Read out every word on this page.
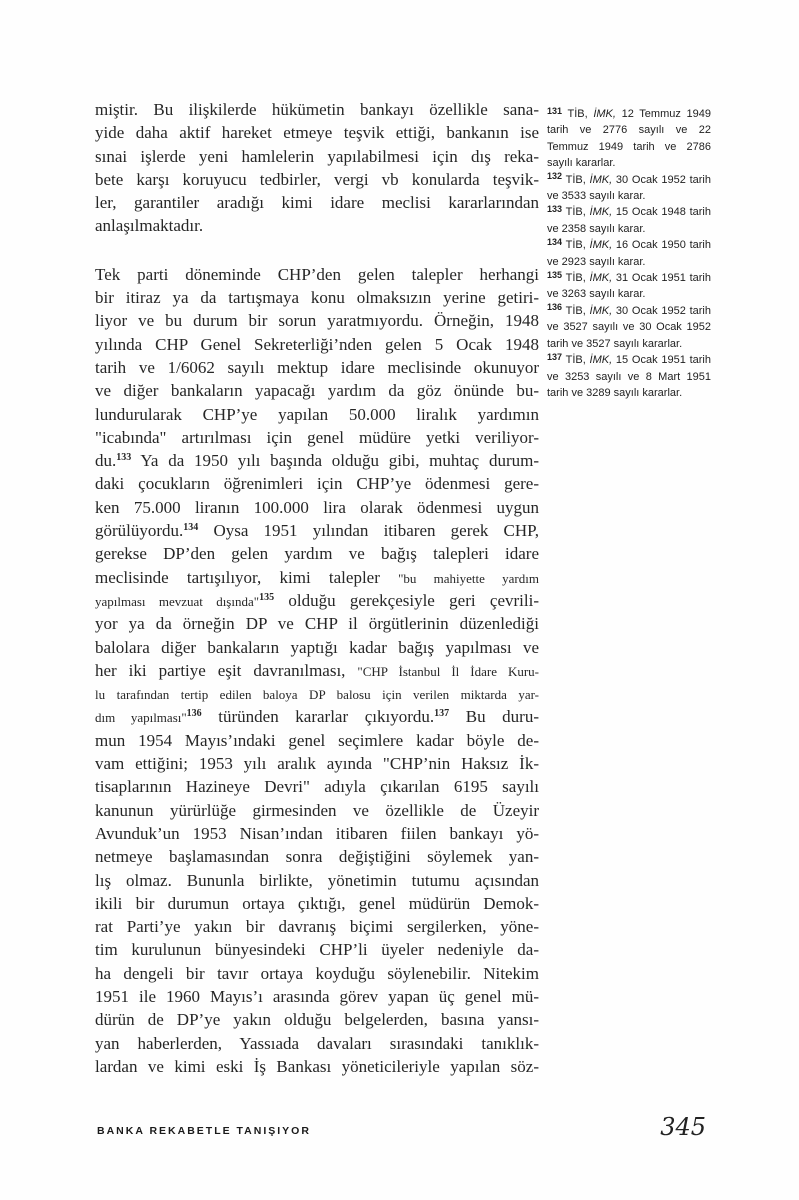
miştir. Bu ilişkilerde hükümetin bankayı özellikle sana-
yide daha aktif hareket etmeye teşvik ettiği, bankanın ise
sınai işlerde yeni hamlelerin yapılabilmesi için dış reka-
bete karşı koruyucu tedbirler, vergi vb konularda teşvik-
ler, garantiler aradığı kimi idare meclisi kararlarından
anlaşılmaktadır.
Tek parti döneminde CHP’den gelen talepler herhangi
bir itiraz ya da tartışmaya konu olmaksızın yerine getiri-
liyor ve bu durum bir sorun yaratmıyordu. Örneğin, 1948
yılında CHP Genel Sekreterliği’nden gelen 5 Ocak 1948
tarih ve 1/6062 sayılı mektup idare meclisinde okunuyor
ve diğer bankaların yapacağı yardım da göz önünde bu-
lundurularak CHP’ye yapılan 50.000 liralık yardımın
"icabında" artırılması için genel müdüre yetki veriliyor-
du.$^{133}$ Ya da 1950 yılı başında olduğu gibi, muhtaç durum-
daki çocukların öğrenimleri için CHP’ye ödenmesi gere-
ken 75.000 liranın 100.000 lira olarak ödenmesi uygun
görülüyordu.$^{134}$ Oysa 1951 yılından itibaren gerek CHP,
gerekse DP’den gelen yardım ve bağış talepleri idare
meclisinde tartışılıyor, kimi talepler "bu mahiyette yardım
yapılması mevzuat dışında"$^{135}$ olduğu gerekçesiyle geri çevrili-
yor ya da örneğin DP ve CHP il örgütlerinin düzenlediği
balolara diğer bankaların yaptığı kadar bağış yapılması ve
her iki partiye eşit davranılması, "CHP İstanbul İl İdare Kuru-
lu tarafından tertip edilen baloya DP balosu için verilen miktarda yar-
dım yapılması"$^{136}$ türünden kararlar çıkıyordu.$^{137}$ Bu duru-
mun 1954 Mayıs’ındaki genel seçimlere kadar böyle de-
vam ettiğini; 1953 yılı aralık ayında "CHP’nin Haksız İk-
tisaplarının Hazineye Devri" adıyla çıkarılan 6195 sayılı
kanunun yürürlüğe girmesinden ve özellikle de Üzeyir
Avunduk’un 1953 Nisan’ından itibaren fiilen bankayı yö-
netmeye başlamasından sonra değiştiğini söylemek yan-
lış olmaz. Bununla birlikte, yönetimin tutumu açısından
ikili bir durumun ortaya çıktığı, genel müdürün Demok-
rat Parti’ye yakın bir davranış biçimi sergilerken, yöne-
tim kurulunun bünyesindeki CHP’li üyeler nedeniyle da-
ha dengeli bir tavır ortaya koyduğu söylenebilir. Nitekim
1951 ile 1960 Mayıs’ı arasında görev yapan üç genel mü-
dürün de DP’ye yakın olduğu belgelerden, basına yansı-
yan haberlerden, Yassıada davaları sırasındaki tanıklık-
lardan ve kimi eski İş Bankası yöneticileriyle yapılan söz-
$^{131}$ TİB, İMK, 12 Temmuz 1949 tarih ve 2776 sayılı ve 22 Temmuz 1949 tarih ve 2786 sayılı kararlar.
$^{132}$ TİB, İMK, 30 Ocak 1952 tarih ve 3533 sayılı karar.
$^{133}$ TİB, İMK, 15 Ocak 1948 tarih ve 2358 sayılı karar.
$^{134}$ TİB, İMK, 16 Ocak 1950 tarih ve 2923 sayılı karar.
$^{135}$ TİB, İMK, 31 Ocak 1951 tarih ve 3263 sayılı karar.
$^{136}$ TİB, İMK, 30 Ocak 1952 tarih ve 3527 sayılı ve 30 Ocak 1952 tarih ve 3527 sayılı kararlar.
$^{137}$ TİB, İMK, 15 Ocak 1951 tarih ve 3253 sayılı ve 8 Mart 1951 tarih ve 3289 sayılı kararlar.
BANKA REKABETLE TANIŞIYOR	345
